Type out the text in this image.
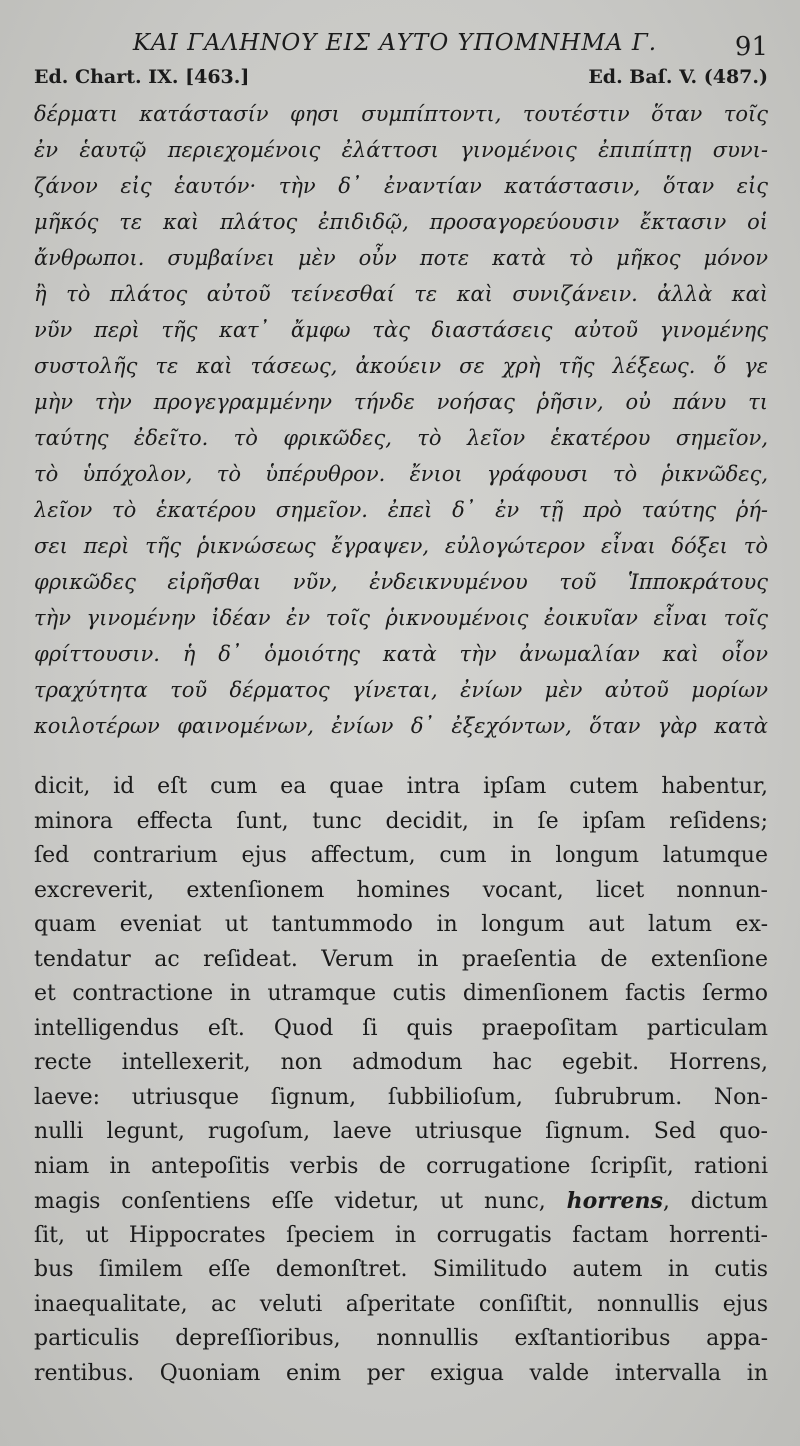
ΚΑΙ ΓΑΛΗΝΟΥ ΕΙΣ ΑΥΤΟ ΥΠΟΜΝΗΜΑ Γ.	91
Ed. Chart. IX. [463.]	Ed. Baſ. V. (487.)
δέρματι κατάστασίν φησι συμπίπτοντι, τουτέστιν ὅταν τοῖς
ἐν ἑαυτῷ περιεχομένοις ἐλάττοσι γινομένοις ἐπιπίπτῃ συνι-
ζάνον εἰς ἑαυτόν· τὴν δ᾽ ἐναντίαν κατάστασιν, ὅταν εἰς
μῆκός τε καὶ πλάτος ἐπιδιδῷ, προσαγορεύουσιν ἔκτασιν οἱ
ἄνθρωποι. συμβαίνει μὲν οὖν ποτε κατὰ τὸ μῆκος μόνον
ἢ τὸ πλάτος αὐτοῦ τείνεσθαί τε καὶ συνιζάνειν. ἀλλὰ καὶ
νῦν περὶ τῆς κατ᾽ ἄμφω τὰς διαστάσεις αὐτοῦ γινομένης
συστολῆς τε καὶ τάσεως, ἀκούειν σε χρὴ τῆς λέξεως. ὅ γε
μὴν τὴν προγεγραμμένην τήνδε νοήσας ῥῆσιν, οὐ πάνυ τι
ταύτης ἐδεῖτο. τὸ φρικῶδες, τὸ λεῖον ἑκατέρου σημεῖον,
τὸ ὑπόχολον, τὸ ὑπέρυθρον. ἔνιοι γράφουσι τὸ ῥικνῶδες,
λεῖον τὸ ἑκατέρου σημεῖον. ἐπεὶ δ᾽ ἐν τῇ πρὸ ταύτης ῥή-
σει περὶ τῆς ῥικνώσεως ἔγραψεν, εὐλογώτερον εἶναι δόξει τὸ
φρικῶδες εἰρῆσθαι νῦν, ἐνδεικνυμένου τοῦ Ἱπποκράτους
τὴν γινομένην ἰδέαν ἐν τοῖς ῥικνουμένοις ἐοικυῖαν εἶναι τοῖς
φρίττουσιν. ἡ δ᾽ ὁμοιότης κατὰ τὴν ἀνωμαλίαν καὶ οἷον
τραχύτητα τοῦ δέρματος γίνεται, ἐνίων μὲν αὐτοῦ μορίων
κοιλοτέρων φαινομένων, ἐνίων δ᾽ ἐξεχόντων, ὅταν γὰρ κατὰ
dicit, id eſt cum ea quae intra ipſam cutem habentur,
minora effecta ſunt, tunc decidit, in ſe ipſam reſidens;
ſed contrarium ejus affectum, cum in longum latumque
excreverit, extenſionem homines vocant, licet nonnun-
quam eveniat ut tantummodo in longum aut latum ex-
tendatur ac reſideat. Verum in praeſentia de extenſione
et contractione in utramque cutis dimenſionem factis ſermo
intelligendus eſt. Quod ſi quis praepoſitam particulam
recte intellexerit, non admodum hac egebit. Horrens,
laeve: utriusque ſignum, ſubbilioſum, ſubrubrum. Non-
nulli legunt, rugoſum, laeve utriusque ſignum. Sed quo-
niam in antepoſitis verbis de corrugatione ſcripſit, rationi
magis conſentiens eſſe videtur, ut nunc, horrens, dictum
ſit, ut Hippocrates ſpeciem in corrugatis factam horrenti-
bus ſimilem eſſe demonſtret. Similitudo autem in cutis
inaequalitate, ac veluti aſperitate conſiſtit, nonnullis ejus
particulis depreſſioribus, nonnullis exſtantioribus appa-
rentibus. Quoniam enim per exigua valde intervalla in
